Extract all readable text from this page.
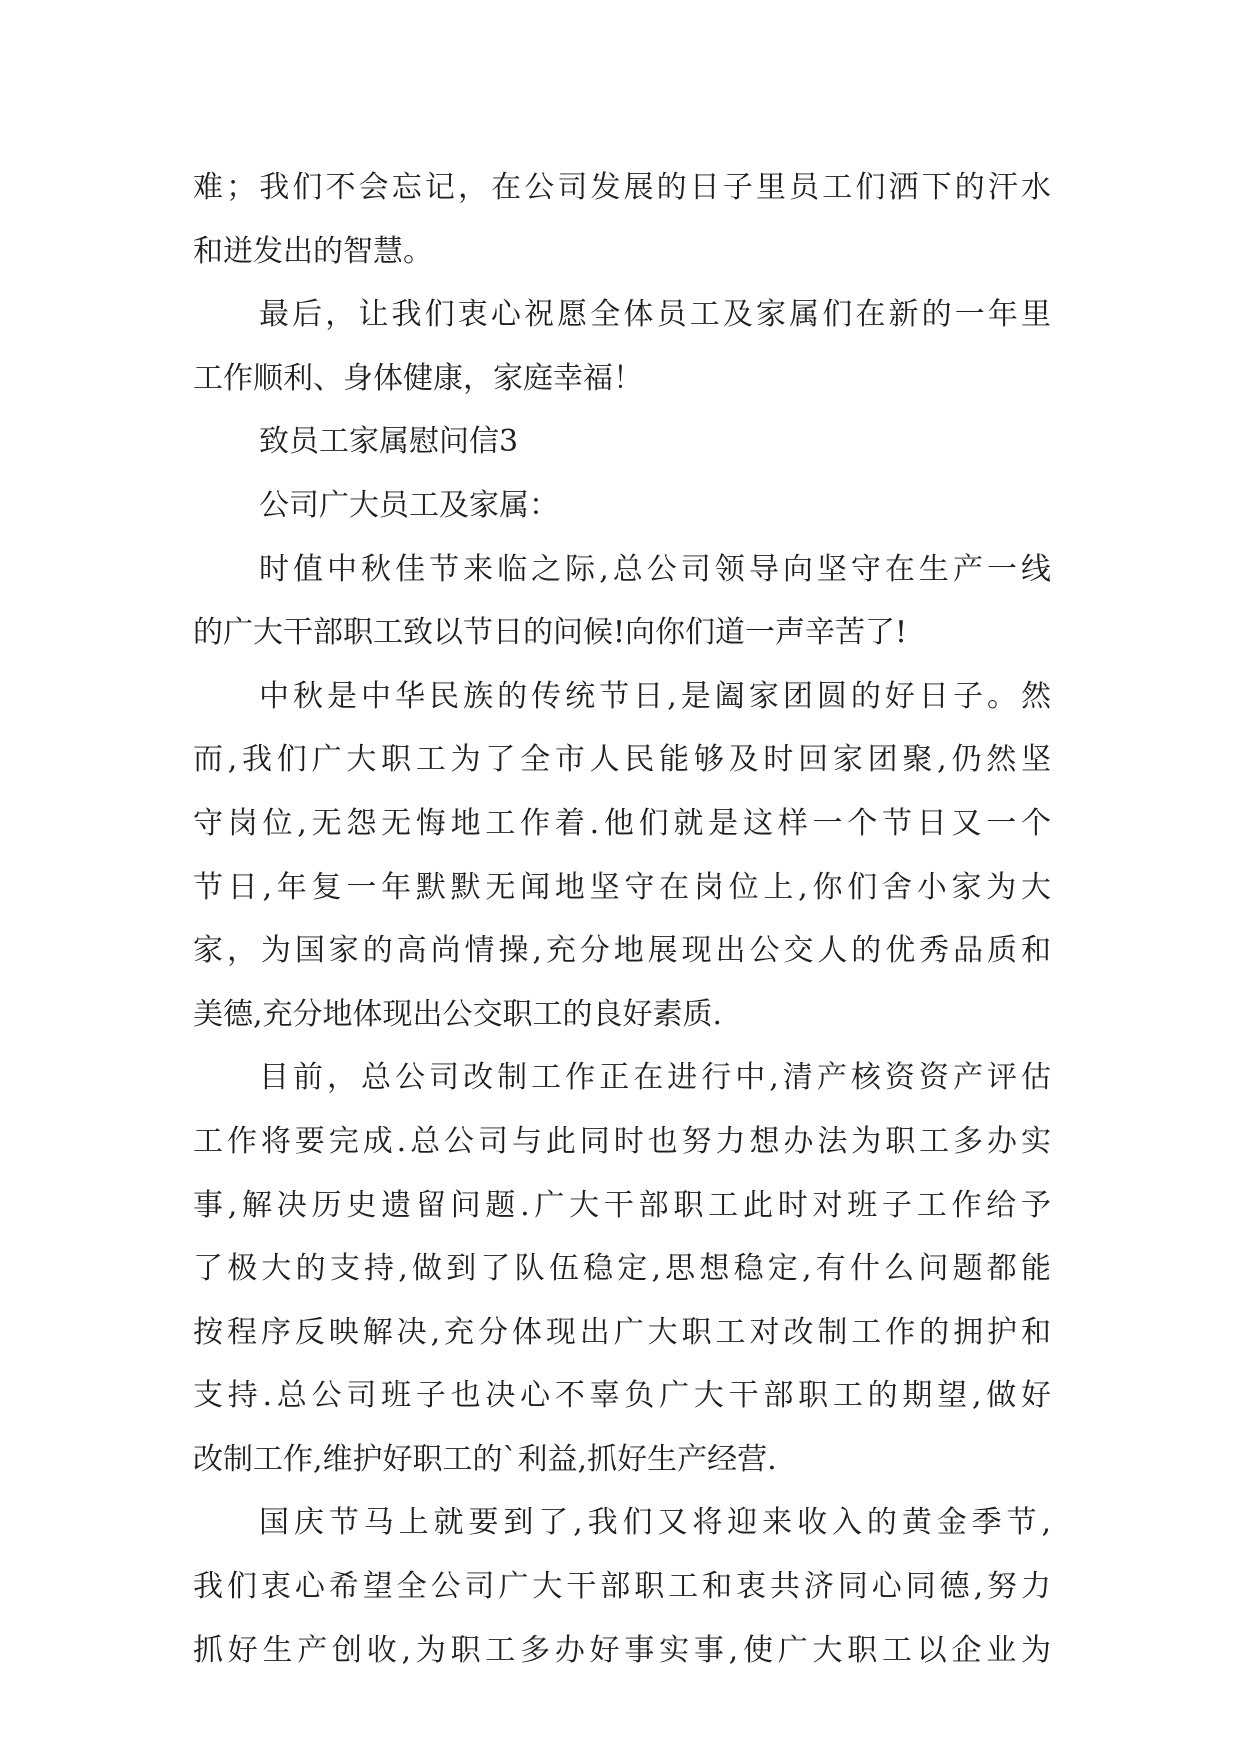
难；我们不会忘记，在公司发展的日子里员工们洒下的汗水
和迸发出的智慧。
最后，让我们衷心祝愿全体员工及家属们在新的一年里
工作顺利、身体健康，家庭幸福！
致员工家属慰问信3
公司广大员工及家属：
时值中秋佳节来临之际,总公司领导向坚守在生产一线
的广大干部职工致以节日的问候!向你们道一声辛苦了!
中秋是中华民族的传统节日,是阖家团圆的好日子。然
而,我们广大职工为了全市人民能够及时回家团聚,仍然坚
守岗位,无怨无悔地工作着.他们就是这样一个节日又一个
节日,年复一年默默无闻地坚守在岗位上,你们舍小家为大
家，为国家的高尚情操,充分地展现出公交人的优秀品质和
美德,充分地体现出公交职工的良好素质.
目前，总公司改制工作正在进行中,清产核资资产评估
工作将要完成.总公司与此同时也努力想办法为职工多办实
事,解决历史遗留问题.广大干部职工此时对班子工作给予
了极大的支持,做到了队伍稳定,思想稳定,有什么问题都能
按程序反映解决,充分体现出广大职工对改制工作的拥护和
支持.总公司班子也决心不辜负广大干部职工的期望,做好
改制工作,维护好职工的`利益,抓好生产经营.
国庆节马上就要到了,我们又将迎来收入的黄金季节,
我们衷心希望全公司广大干部职工和衷共济同心同德,努力
抓好生产创收,为职工多办好事实事,使广大职工以企业为
